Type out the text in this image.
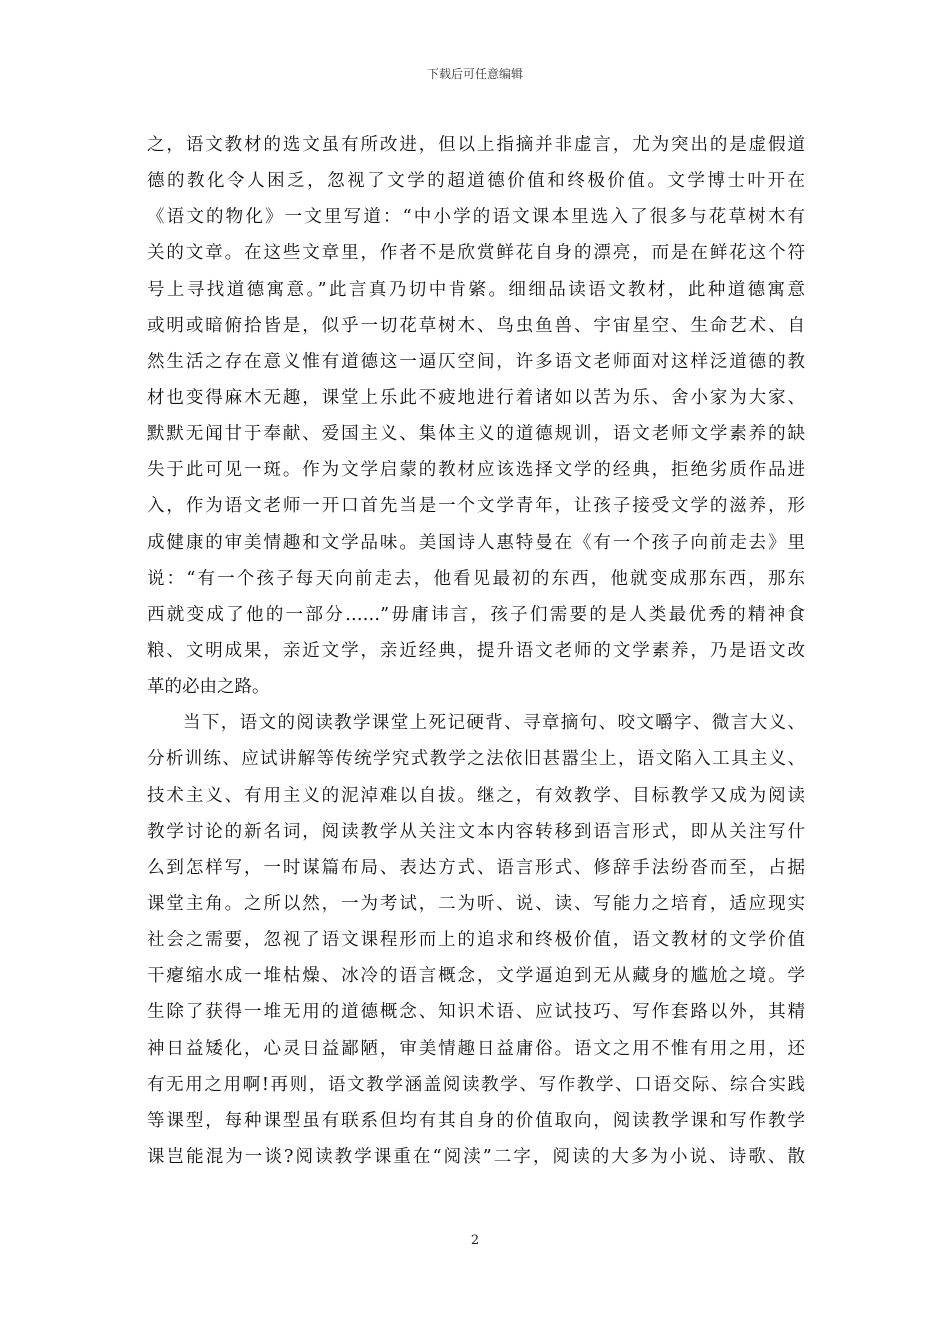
下载后可任意编辑
之，语文教材的选文虽有所改进，但以上指摘并非虚言，尤为突出的是虚假道
德的教化令人困乏，忽视了文学的超道德价值和终极价值。文学博士叶开在
《语文的物化》一文里写道：“中小学的语文课本里选入了很多与花草树木有
关的文章。在这些文章里，作者不是欣赏鲜花自身的漂亮，而是在鲜花这个符
号上寻找道德寓意。”此言真乃切中肯綮。细细品读语文教材，此种道德寓意
或明或暗俯拾皆是，似乎一切花草树木、鸟虫鱼兽、宇宙星空、生命艺术、自
然生活之存在意义惟有道德这一逼仄空间，许多语文老师面对这样泛道德的教
材也变得麻木无趣，课堂上乐此不疲地进行着诸如以苦为乐、舍小家为大家、
默默无闻甘于奉献、爱国主义、集体主义的道德规训，语文老师文学素养的缺
失于此可见一斑。作为文学启蒙的教材应该选择文学的经典，拒绝劣质作品进
入，作为语文老师一开口首先当是一个文学青年，让孩子接受文学的滋养，形
成健康的审美情趣和文学品味。美国诗人惠特曼在《有一个孩子向前走去》里
说：“有一个孩子每天向前走去，他看见最初的东西，他就变成那东西，那东
西就变成了他的一部分……”毋庸讳言，孩子们需要的是人类最优秀的精神食
粮、文明成果，亲近文学，亲近经典，提升语文老师的文学素养，乃是语文改
革的必由之路。
当下，语文的阅读教学课堂上死记硬背、寻章摘句、咬文嚼字、微言大义、
分析训练、应试讲解等传统学究式教学之法依旧甚嚣尘上，语文陷入工具主义、
技术主义、有用主义的泥淖难以自拔。继之，有效教学、目标教学又成为阅读
教学讨论的新名词，阅读教学从关注文本内容转移到语言形式，即从关注写什
么到怎样写，一时谋篇布局、表达方式、语言形式、修辞手法纷沓而至，占据
课堂主角。之所以然，一为考试，二为听、说、读、写能力之培育，适应现实
社会之需要，忽视了语文课程形而上的追求和终极价值，语文教材的文学价值
干瘪缩水成一堆枯燥、冰冷的语言概念，文学逼迫到无从藏身的尴尬之境。学
生除了获得一堆无用的道德概念、知识术语、应试技巧、写作套路以外，其精
神日益矮化，心灵日益鄙陋，审美情趣日益庸俗。语文之用不惟有用之用，还
有无用之用啊!再则，语文教学涵盖阅读教学、写作教学、口语交际、综合实践
等课型，每种课型虽有联系但均有其自身的价值取向，阅读教学课和写作教学
课岂能混为一谈?阅读教学课重在“阅渎”二字，阅读的大多为小说、诗歌、散
2
